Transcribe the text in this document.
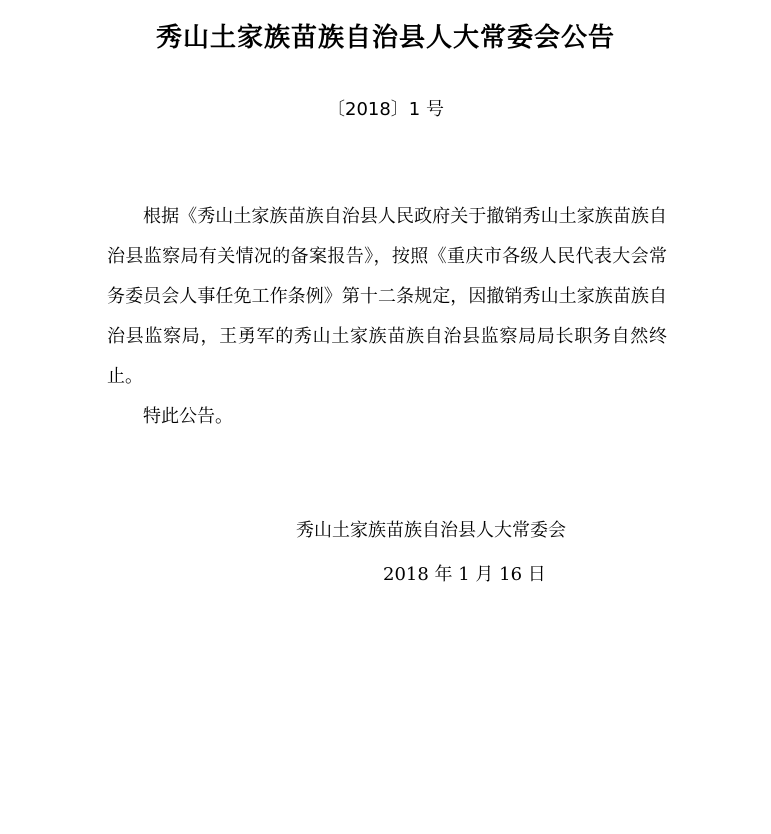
秀山土家族苗族自治县人大常委会公告
〔2018〕1 号

根据《秀山土家族苗族自治县人民政府关于撤销秀山土家族苗族自治县监察局有关情况的备案报告》，按照《重庆市各级人民代表大会常务委员会人事任免工作条例》第十二条规定，因撤销秀山土家族苗族自治县监察局，王勇军的秀山土家族苗族自治县监察局局长职务自然终止。

特此公告。

秀山土家族苗族自治县人大常委会
2018 年 1 月 16 日
